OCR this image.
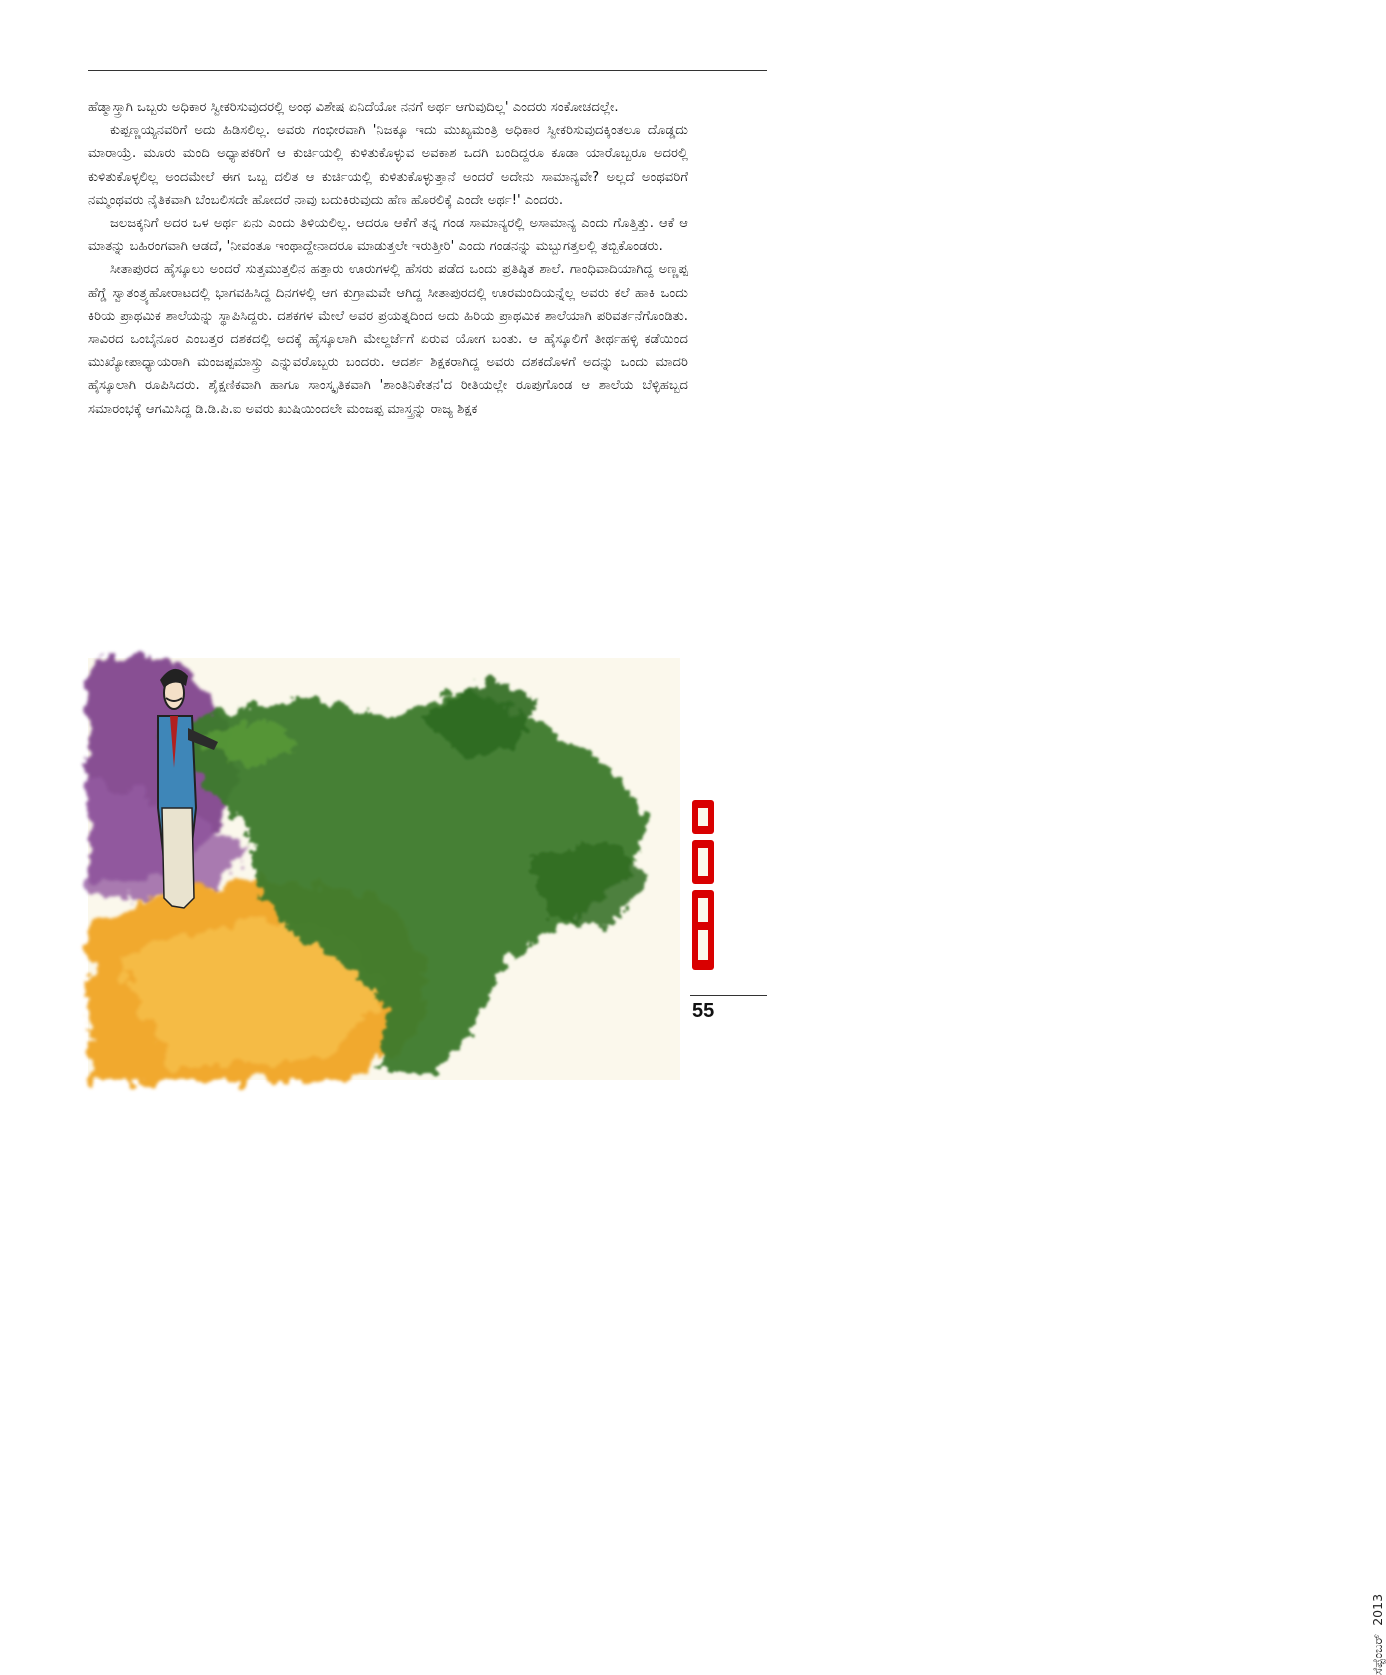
ಹೆಡ್ಮಾಸ್ತ್ರಾಗಿ ಒಬ್ಬರು ಅಧಿಕಾರ ಸ್ವೀಕರಿಸುವುದರಲ್ಲಿ ಅಂಥ ವಿಶೇಷ ಏನಿದೆಯೋ ನನಗೆ ಅರ್ಥ ಆಗುವುದಿಲ್ಲ' ಎಂದರು ಸಂಕೋಚದಲ್ಲೇ.

ಕುಪ್ಪಣ್ಣಯ್ಯನವರಿಗೆ ಅದು ಹಿಡಿಸಲಿಲ್ಲ. ಅವರು ಗಂಭೀರವಾಗಿ 'ನಿಜಕ್ಕೂ ಇದು ಮುಖ್ಯಮಂತ್ರಿ ಅಧಿಕಾರ ಸ್ವೀಕರಿಸುವುದಕ್ಕಿಂತಲೂ ದೊಡ್ಡದು ಮಾರಾಯ್ರೆ. ಮೂರು ಮಂದಿ ಅಧ್ಯಾಪಕರಿಗೆ ಆ ಕುರ್ಚಿಯಲ್ಲಿ ಕುಳಿತುಕೊಳ್ಳುವ ಅವಕಾಶ ಒದಗಿ ಬಂದಿದ್ದರೂ ಕೂಡಾ ಯಾರೊಬ್ಬರೂ ಅದರಲ್ಲಿ ಕುಳಿತುಕೊಳ್ಳಲಿಲ್ಲ ಅಂದಮೇಲೆ ಈಗ ಒಬ್ಬ ದಲಿತ ಆ ಕುರ್ಚಿಯಲ್ಲಿ ಕುಳಿತುಕೊಳ್ಳುತ್ತಾನೆ ಅಂದರೆ ಅದೇನು ಸಾಮಾನ್ಯವೇ? ಅಲ್ಲದೆ ಅಂಥವರಿಗೆ ನಮ್ಮಂಥವರು ನೈತಿಕವಾಗಿ ಬೆಂಬಲಿಸದೇ ಹೋದರೆ ನಾವು ಬದುಕಿರುವುದು ಹೆಣ ಹೊರಲಿಕ್ಕೆ ಎಂದೇ ಅರ್ಥ!' ಎಂದರು.

ಜಲಜಕ್ಕನಿಗೆ ಅದರ ಒಳ ಅರ್ಥ ಏನು ಎಂದು ತಿಳಿಯಲಿಲ್ಲ. ಆದರೂ ಆಕೆಗೆ ತನ್ನ ಗಂಡ ಸಾಮಾನ್ಯರಲ್ಲಿ ಅಸಾಮಾನ್ಯ ಎಂದು ಗೊತ್ತಿತ್ತು. ಆಕೆ ಆ ಮಾತನ್ನು ಬಹಿರಂಗವಾಗಿ ಆಡದೆ, 'ನೀವಂತೂ ಇಂಥಾದ್ದೇನಾದರೂ ಮಾಡುತ್ತಲೇ ಇರುತ್ತೀರಿ' ಎಂದು ಗಂಡನನ್ನು ಮಬ್ಬುಗತ್ತಲಲ್ಲಿ ತಬ್ಬಿಕೊಂಡರು.

ಸೀತಾಪುರದ ಹೈಸ್ಕೂಲು ಅಂದರೆ ಸುತ್ತಮುತ್ತಲಿನ ಹತ್ತಾರು ಊರುಗಳಲ್ಲಿ ಹೆಸರು ಪಡೆದ ಒಂದು ಪ್ರತಿಷ್ಠಿತ ಶಾಲೆ. ಗಾಂಧಿವಾದಿಯಾಗಿದ್ದ ಅಣ್ಣಪ್ಪ ಹೆಗ್ಡೆ ಸ್ವಾತಂತ್ರ್ಯಹೋರಾಟದಲ್ಲಿ ಭಾಗವಹಿಸಿದ್ದ ದಿನಗಳಲ್ಲಿ ಆಗ ಕುಗ್ರಾಮವೇ ಆಗಿದ್ದ ಸೀತಾಪುರದಲ್ಲಿ ಊರಮಂದಿಯನ್ನೆಲ್ಲ ಅವರು ಕಲೆ ಹಾಕಿ ಒಂದು ಕಿರಿಯ ಪ್ರಾಥಮಿಕ ಶಾಲೆಯನ್ನು ಸ್ಥಾಪಿಸಿದ್ದರು. ದಶಕಗಳ ಮೇಲೆ ಅವರ ಪ್ರಯತ್ನದಿಂದ ಅದು ಹಿರಿಯ ಪ್ರಾಥಮಿಕ ಶಾಲೆಯಾಗಿ ಪರಿವರ್ತನೆಗೊಂಡಿತು. ಸಾವಿರದ ಒಂಬೈನೂರ ಎಂಬತ್ತರ ದಶಕದಲ್ಲಿ ಅದಕ್ಕೆ ಹೈಸ್ಕೂಲಾಗಿ ಮೇಲ್ದರ್ಜೆಗೆ ಏರುವ ಯೋಗ ಬಂತು. ಆ ಹೈಸ್ಕೂಲಿಗೆ ತೀರ್ಥಹಳ್ಳಿ ಕಡೆಯಿಂದ ಮುಖ್ಯೋಪಾಧ್ಯಾಯರಾಗಿ ಮಂಜಪ್ಪಮಾಸ್ತ್ರು ಎನ್ನುವರೊಬ್ಬರು ಬಂದರು. ಆದರ್ಶ ಶಿಕ್ಷಕರಾಗಿದ್ದ ಅವರು ದಶಕದೊಳಗೆ ಅದನ್ನು ಒಂದು ಮಾದರಿ ಹೈಸ್ಕೂಲಾಗಿ ರೂಪಿಸಿದರು. ಶೈಕ್ಷಣಿಕವಾಗಿ ಹಾಗೂ ಸಾಂಸ್ಕೃತಿಕವಾಗಿ 'ಶಾಂತಿನಿಕೇತನ'ದ ರೀತಿಯಲ್ಲೇ ರೂಪುಗೊಂಡ ಆ ಶಾಲೆಯ ಬೆಳ್ಳಿಹಬ್ಬದ ಸಮಾರಂಭಕ್ಕೆ ಆಗಮಿಸಿದ್ದ ಡಿ.ಡಿ.ಪಿ.ಐ ಅವರು ಖುಷಿಯಿಂದಲೇ ಮಂಜಪ್ಪ ಮಾಸ್ತ್ರನ್ನು ರಾಜ್ಯ ಶಿಕ್ಷಕ

ಸೆಪ್ಟೆಂಬರ್2013
55
